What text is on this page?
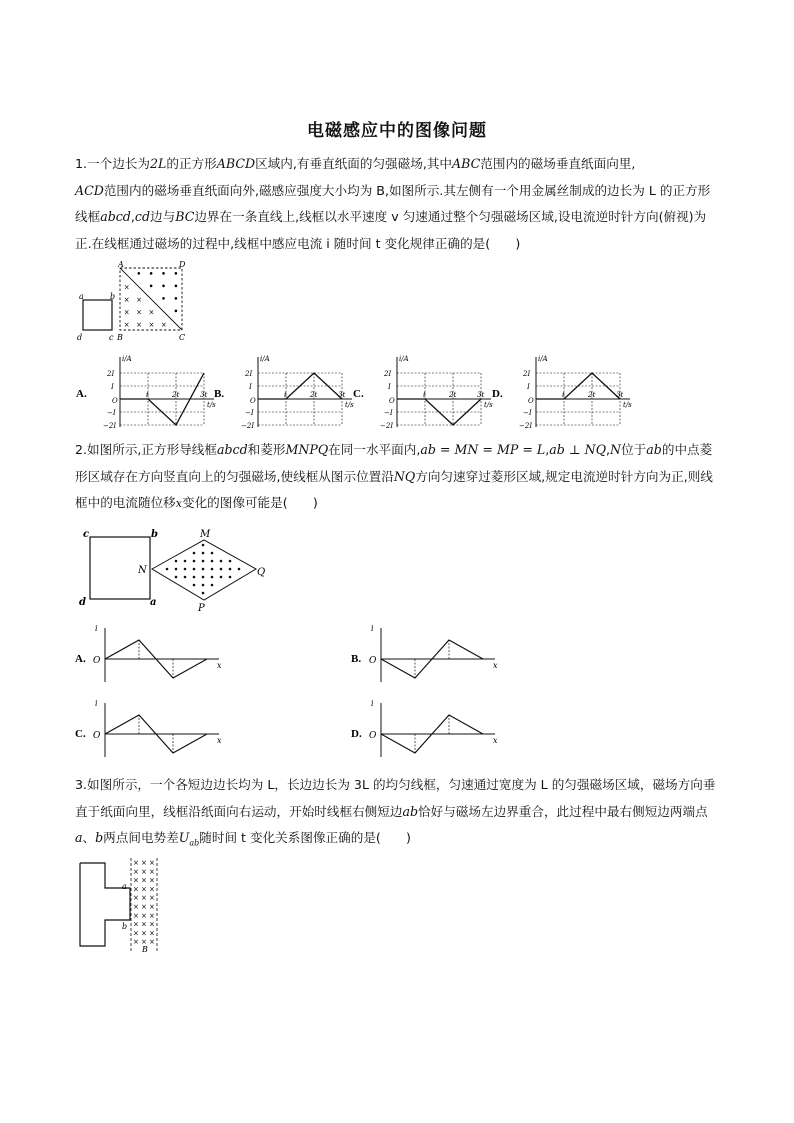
电磁感应中的图像问题

1.一个边长为2L的正方形ABCD区域内,有垂直纸面的匀强磁场,其中ABC范围内的磁场垂直纸面向里,
ACD范围内的磁场垂直纸面向外,磁感应强度大小均为 B,如图所示.其左侧有一个用金属丝制成的边长为 L 的正方形线框abcd,cd边与BC边界在一条直线上,线框以水平速度 v 匀速通过整个匀强磁场区域,设电流逆时针方向(俯视)为正.在线框通过磁场的过程中,线框中感应电流 i 随时间 t 变化规律正确的是(　　)

a	b
c
d
• • • •
× • • •
× × • •
× × × •
× × × ×
A	D
B	C
A.
i/A
t/s
2I
I
−I
−2I
O
t	2t	3t B.
i/A
t/s
2I
I
−I
−2I
O
t	2t	3t C.
i/A
t/s
2I
I
−I
−2I
O
t	2t	3t D.
i/A
t/s
2I
I
−I
−2I
O
t	2t	3t

2.如图所示,正方形导线框abcd和菱形MNPQ在同一水平面内,ab = MN = MP = L,ab ⊥ NQ,N位于ab的中点菱形区域存在方向竖直向上的匀强磁场,使线框从图示位置沿NQ方向匀速穿过菱形区域,规定电流逆时针方向为正,则线框中的电流随位移x变化的图像可能是(　　)

c	b
d	a
M
N
P
Q
A.
i
x
O	B.
i
x
O
C.
i
x
O	D.
i
x
O

3.如图所示，一个各短边边长均为 L，长边边长为 3L 的均匀线框，匀速通过宽度为 L 的匀强磁场区域，磁场方向垂直于纸面向里，线框沿纸面向右运动，开始时线框右侧短边ab恰好与磁场左边界重合，此过程中最右侧短边两端点a、b两点间电势差$U_{ab}$随时间 t 变化关系图像正确的是(　　)

× × ×
× × ×
× × ×
× × ×
× × ×
× × ×
× × ×
× × ×
× × ×
× × ×
a
b
B
